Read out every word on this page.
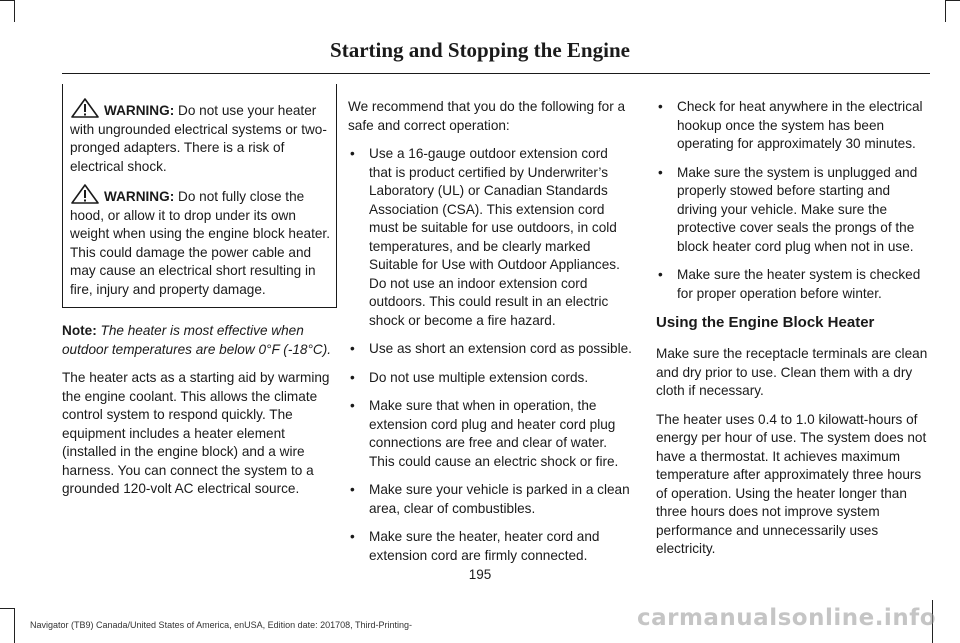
Starting and Stopping the Engine
WARNING: Do not use your heater with ungrounded electrical systems or two-pronged adapters. There is a risk of electrical shock.
WARNING: Do not fully close the hood, or allow it to drop under its own weight when using the engine block heater. This could damage the power cable and may cause an electrical short resulting in fire, injury and property damage.

Note: The heater is most effective when outdoor temperatures are below 0°F (-18°C).

The heater acts as a starting aid by warming the engine coolant. This allows the climate control system to respond quickly. The equipment includes a heater element (installed in the engine block) and a wire harness. You can connect the system to a grounded 120-volt AC electrical source.

We recommend that you do the following for a safe and correct operation:

• Use a 16-gauge outdoor extension cord that is product certified by Underwriter’s Laboratory (UL) or Canadian Standards Association (CSA). This extension cord must be suitable for use outdoors, in cold temperatures, and be clearly marked Suitable for Use with Outdoor Appliances. Do not use an indoor extension cord outdoors. This could result in an electric shock or become a fire hazard.
• Use as short an extension cord as possible.
• Do not use multiple extension cords.
• Make sure that when in operation, the extension cord plug and heater cord plug connections are free and clear of water. This could cause an electric shock or fire.
• Make sure your vehicle is parked in a clean area, clear of combustibles.
• Make sure the heater, heater cord and extension cord are firmly connected.
• Check for heat anywhere in the electrical hookup once the system has been operating for approximately 30 minutes.
• Make sure the system is unplugged and properly stowed before starting and driving your vehicle. Make sure the protective cover seals the prongs of the block heater cord plug when not in use.
• Make sure the heater system is checked for proper operation before winter.
Using the Engine Block Heater

Make sure the receptacle terminals are clean and dry prior to use. Clean them with a dry cloth if necessary.

The heater uses 0.4 to 1.0 kilowatt-hours of energy per hour of use. The system does not have a thermostat. It achieves maximum temperature after approximately three hours of operation. Using the heater longer than three hours does not improve system performance and unnecessarily uses electricity.

195
Navigator (TB9) Canada/United States of America, enUSA, Edition date: 201708, Third-Printing-	carmanualsonline.info
